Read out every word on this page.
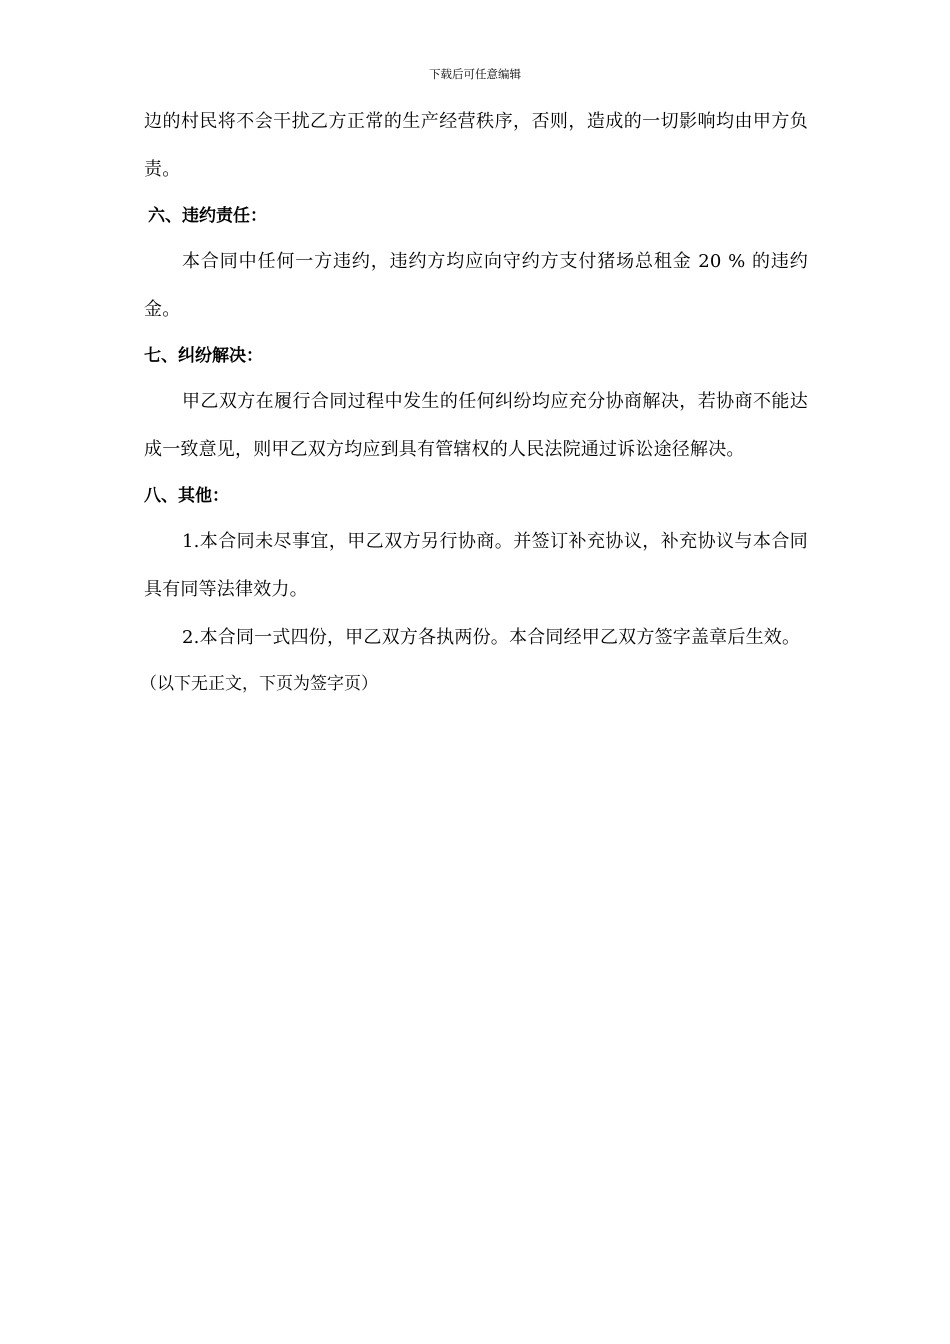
下载后可任意编辑

边的村民将不会干扰乙方正常的生产经营秩序，否则，造成的一切影响均由甲方负责。

六、违约责任：

本合同中任何一方违约，违约方均应向守约方支付猪场总租金 20 % 的违约金。

七、纠纷解决：

甲乙双方在履行合同过程中发生的任何纠纷均应充分协商解决，若协商不能达成一致意见，则甲乙双方均应到具有管辖权的人民法院通过诉讼途径解决。

八、其他：

1.本合同未尽事宜，甲乙双方另行协商。并签订补充协议，补充协议与本合同具有同等法律效力。

2.本合同一式四份，甲乙双方各执两份。本合同经甲乙双方签字盖章后生效。

（以下无正文，下页为签字页）
